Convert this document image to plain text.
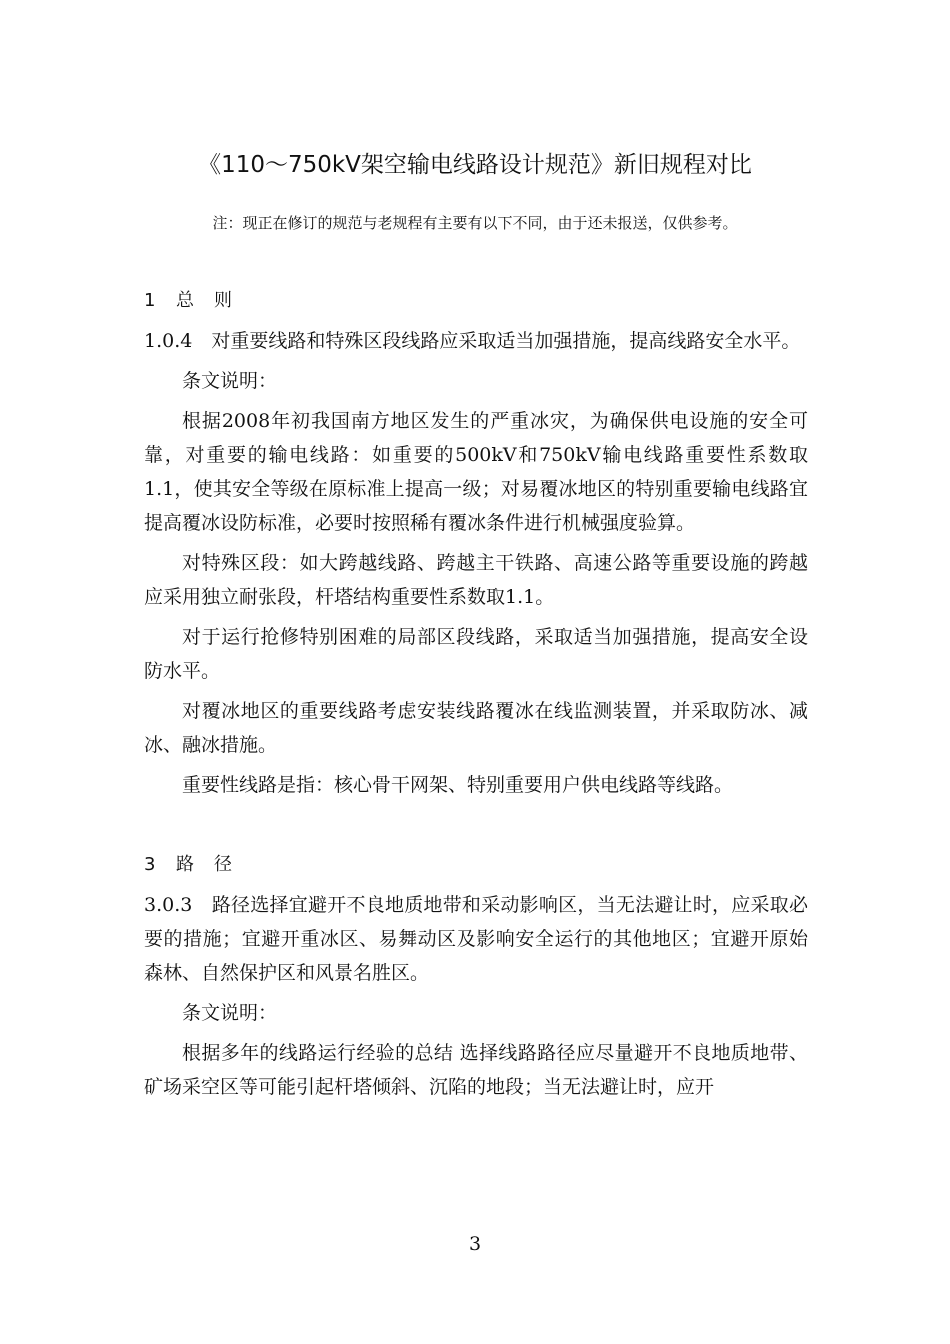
《110～750kV架空输电线路设计规范》新旧规程对比
注：现正在修订的规范与老规程有主要有以下不同，由于还未报送，仅供参考。
1 总 则

1.0.4　对重要线路和特殊区段线路应采取适当加强措施，提高线路安全水平。

条文说明：

根据2008年初我国南方地区发生的严重冰灾，为确保供电设施的安全可靠，对重要的输电线路：如重要的500kV和750kV输电线路重要性系数取1.1，使其安全等级在原标准上提高一级；对易覆冰地区的特别重要输电线路宜提高覆冰设防标准，必要时按照稀有覆冰条件进行机械强度验算。

对特殊区段：如大跨越线路、跨越主干铁路、高速公路等重要设施的跨越应采用独立耐张段，杆塔结构重要性系数取1.1。

对于运行抢修特别困难的局部区段线路，采取适当加强措施，提高安全设防水平。

对覆冰地区的重要线路考虑安装线路覆冰在线监测装置，并采取防冰、减冰、融冰措施。

重要性线路是指：核心骨干网架、特别重要用户供电线路等线路。

3 路 径

3.0.3　路径选择宜避开不良地质地带和采动影响区，当无法避让时，应采取必要的措施；宜避开重冰区、易舞动区及影响安全运行的其他地区；宜避开原始森林、自然保护区和风景名胜区。

条文说明：

根据多年的线路运行经验的总结 选择线路路径应尽量避开不良地质地带、矿场采空区等可能引起杆塔倾斜、沉陷的地段；当无法避让时，应开

3
